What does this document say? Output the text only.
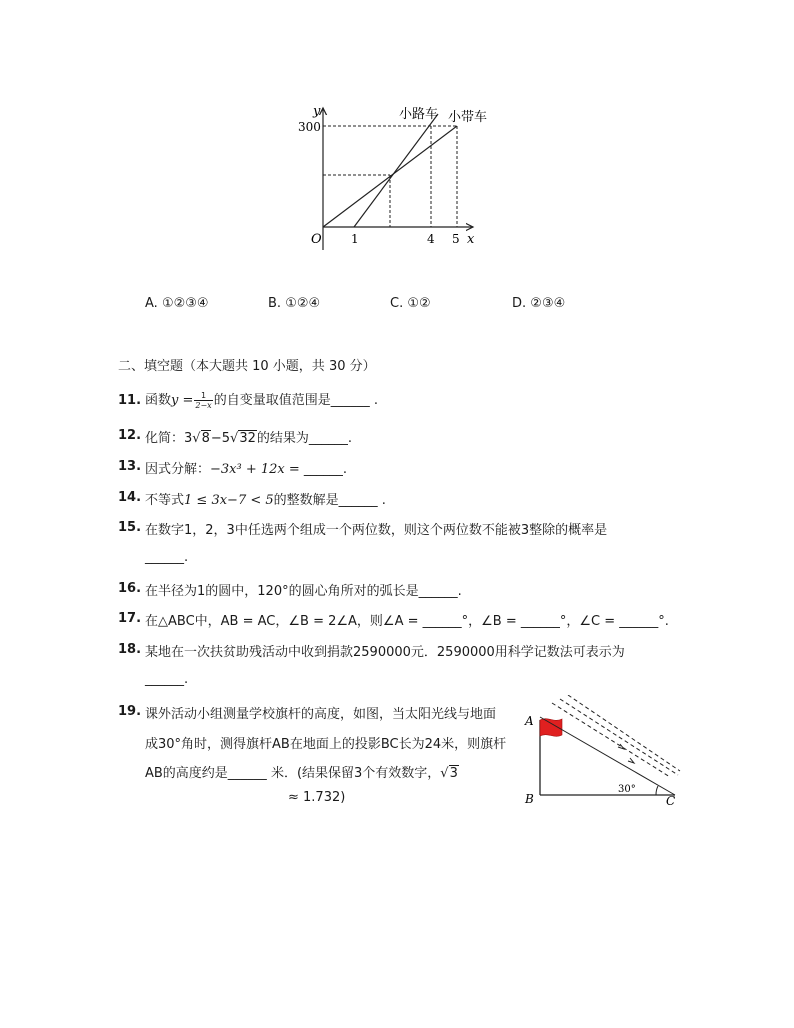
y
x
O
300
1	4 5
小路车 小带车
A. ①②③④	B. ①②④	C. ①②	D. ②③④
二、填空题（本大题共 10 小题，共 30 分）
11. 函数$y = \frac{1}{2-x}$ 的自变量取值范围是______ .
12. 化简：3√8−5√32的结果为______.
13. 因式分解：−3x³ + 12x = ______.
14. 不等式1 ≤ 3x−7 < 5的整数解是______ .
15. 在数字1，2，3中任选两个组成一个两位数，则这个两位数不能被3整除的概率是
______.
16. 在半径为1的圆中，120°的圆心角所对的弧长是______.
17. 在△ABC中，AB = AC，∠B = 2∠A，则∠A = ______°，∠B = ______°，∠C = ______°.
18. 某地在一次扶贫助残活动中收到捐款2590000元．2590000用科学记数法可表示为
______.
19. 课外活动小组测量学校旗杆的高度，如图，当太阳光线与地面
成30°角时，测得旗杆AB在地面上的投影BC长为24米，则旗杆
AB的高度约是______ 米．(结果保留3个有效数字，√3
≈ 1.732)
30°
A
B	C
